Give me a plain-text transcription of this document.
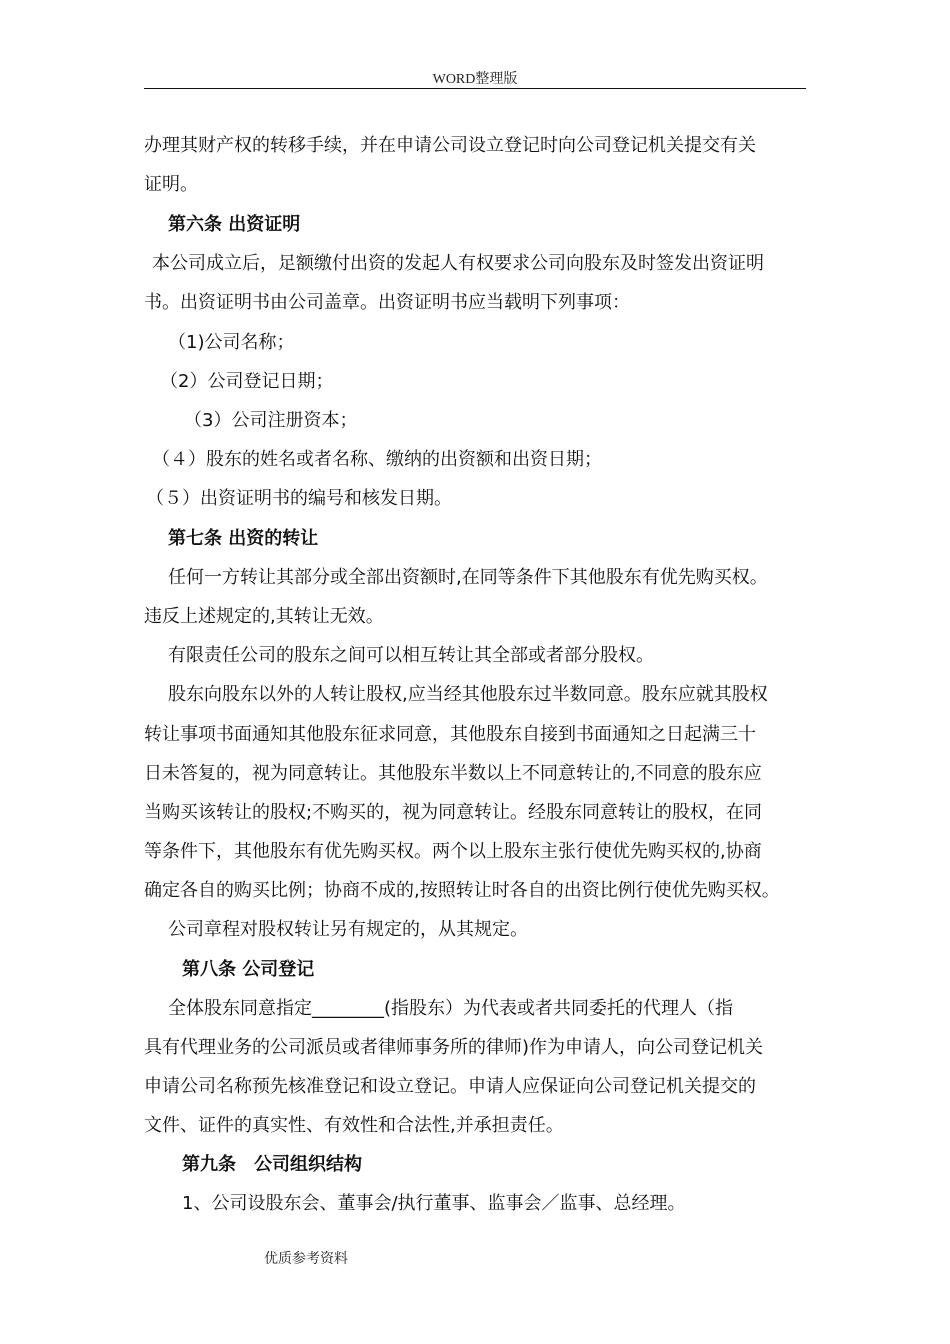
WORD整理版
办理其财产权的转移手续，并在申请公司设立登记时向公司登记机关提交有关
证明。
第六条 出资证明
本公司成立后，足额缴付出资的发起人有权要求公司向股东及时签发出资证明
书。出资证明书由公司盖章。出资证明书应当载明下列事项：
（1)公司名称；
（2）公司登记日期；
（3）公司注册资本；
（４）股东的姓名或者名称、缴纳的出资额和出资日期；
（５）出资证明书的编号和核发日期。
第七条 出资的转让
任何一方转让其部分或全部出资额时,在同等条件下其他股东有优先购买权。
违反上述规定的,其转让无效。
有限责任公司的股东之间可以相互转让其全部或者部分股权。
股东向股东以外的人转让股权,应当经其他股东过半数同意。股东应就其股权
转让事项书面通知其他股东征求同意，其他股东自接到书面通知之日起满三十
日未答复的，视为同意转让。其他股东半数以上不同意转让的,不同意的股东应
当购买该转让的股权;不购买的，视为同意转让。经股东同意转让的股权，在同
等条件下，其他股东有优先购买权。两个以上股东主张行使优先购买权的,协商
确定各自的购买比例；协商不成的,按照转让时各自的出资比例行使优先购买权。
公司章程对股权转让另有规定的，从其规定。
第八条 公司登记
全体股东同意指定________(指股东）为代表或者共同委托的代理人（指
具有代理业务的公司派员或者律师事务所的律师)作为申请人，向公司登记机关
申请公司名称预先核准登记和设立登记。申请人应保证向公司登记机关提交的
文件、证件的真实性、有效性和合法性,并承担责任。
第九条　公司组织结构
1、公司设股东会、董事会/执行董事、监事会／监事、总经理。
优质参考资料
